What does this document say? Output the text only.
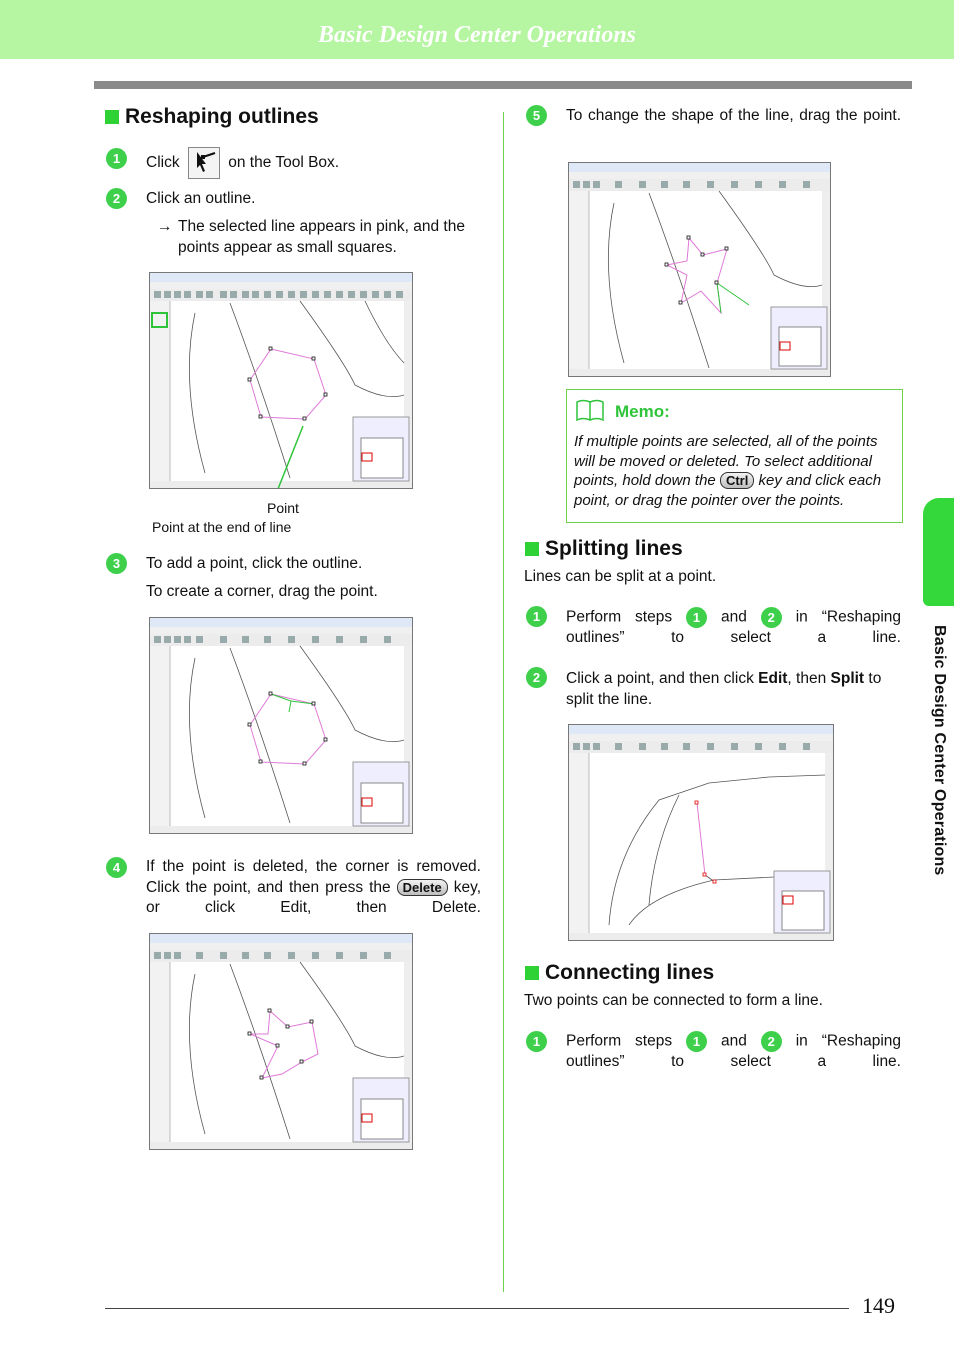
Basic Design Center Operations
Basic Design Center Operations
Reshaping outlines
1	Click	on the Tool Box.
2	Click an outline.
→ The selected line appears in pink, and the points appear as small squares.
Point
Point at the end of line
3	To add a point, click the outline.
To create a corner, drag the point.
4	If the point is deleted, the corner is removed. Click the point, and then press the Delete key, or click Edit, then Delete.
5	To change the shape of the line, drag the point.
Memo:
If multiple points are selected, all of the points will be moved or deleted. To select additional points, hold down the Ctrl key and click each point, or drag the pointer over the points.
Splitting lines
Lines can be split at a point.
1	Perform steps 1 and 2 in “Reshaping outlines” to select a line.
2	Click a point, and then click Edit, then Split to split the line.
Connecting lines
Two points can be connected to form a line.
1	Perform steps 1 and 2 in “Reshaping outlines” to select a line.
149
